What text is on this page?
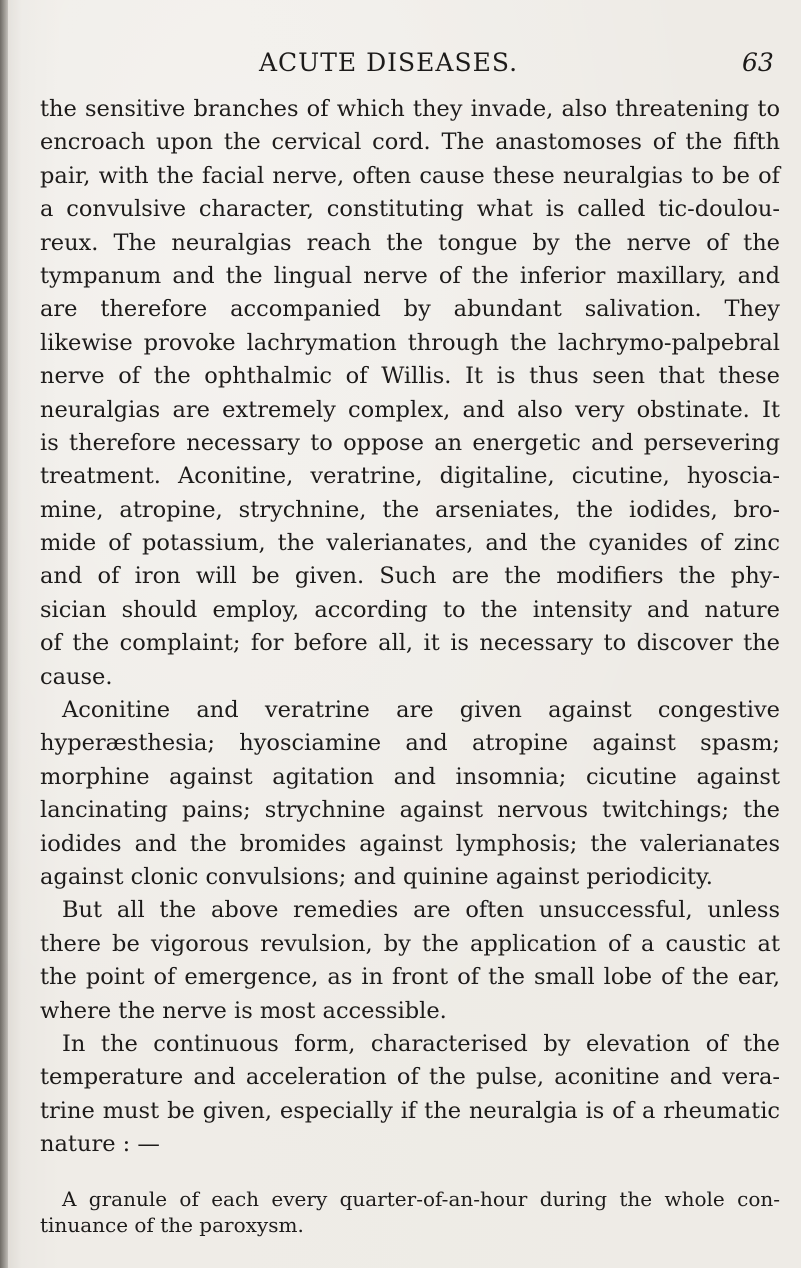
ACUTE DISEASES.	63

the sensitive branches of which they invade, also threatening to
encroach upon the cervical cord. The anastomoses of the fifth
pair, with the facial nerve, often cause these neuralgias to be of
a convulsive character, constituting what is called tic-doulou-
reux. The neuralgias reach the tongue by the nerve of the
tympanum and the lingual nerve of the inferior maxillary, and
are therefore accompanied by abundant salivation. They
likewise provoke lachrymation through the lachrymo-palpebral
nerve of the ophthalmic of Willis. It is thus seen that these
neuralgias are extremely complex, and also very obstinate. It
is therefore necessary to oppose an energetic and persevering
treatment. Aconitine, veratrine, digitaline, cicutine, hyoscia-
mine, atropine, strychnine, the arseniates, the iodides, bro-
mide of potassium, the valerianates, and the cyanides of zinc
and of iron will be given. Such are the modifiers the phy-
sician should employ, according to the intensity and nature
of the complaint; for before all, it is necessary to discover the
cause.

Aconitine and veratrine are given against congestive
hyperæsthesia; hyosciamine and atropine against spasm;
morphine against agitation and insomnia; cicutine against
lancinating pains; strychnine against nervous twitchings; the
iodides and the bromides against lymphosis; the valerianates
against clonic convulsions; and quinine against periodicity.

But all the above remedies are often unsuccessful, unless
there be vigorous revulsion, by the application of a caustic at
the point of emergence, as in front of the small lobe of the ear,
where the nerve is most accessible.

In the continuous form, characterised by elevation of the
temperature and acceleration of the pulse, aconitine and vera-
trine must be given, especially if the neuralgia is of a rheumatic
nature : —

A granule of each every quarter-of-an-hour during the whole con-
tinuance of the paroxysm.
